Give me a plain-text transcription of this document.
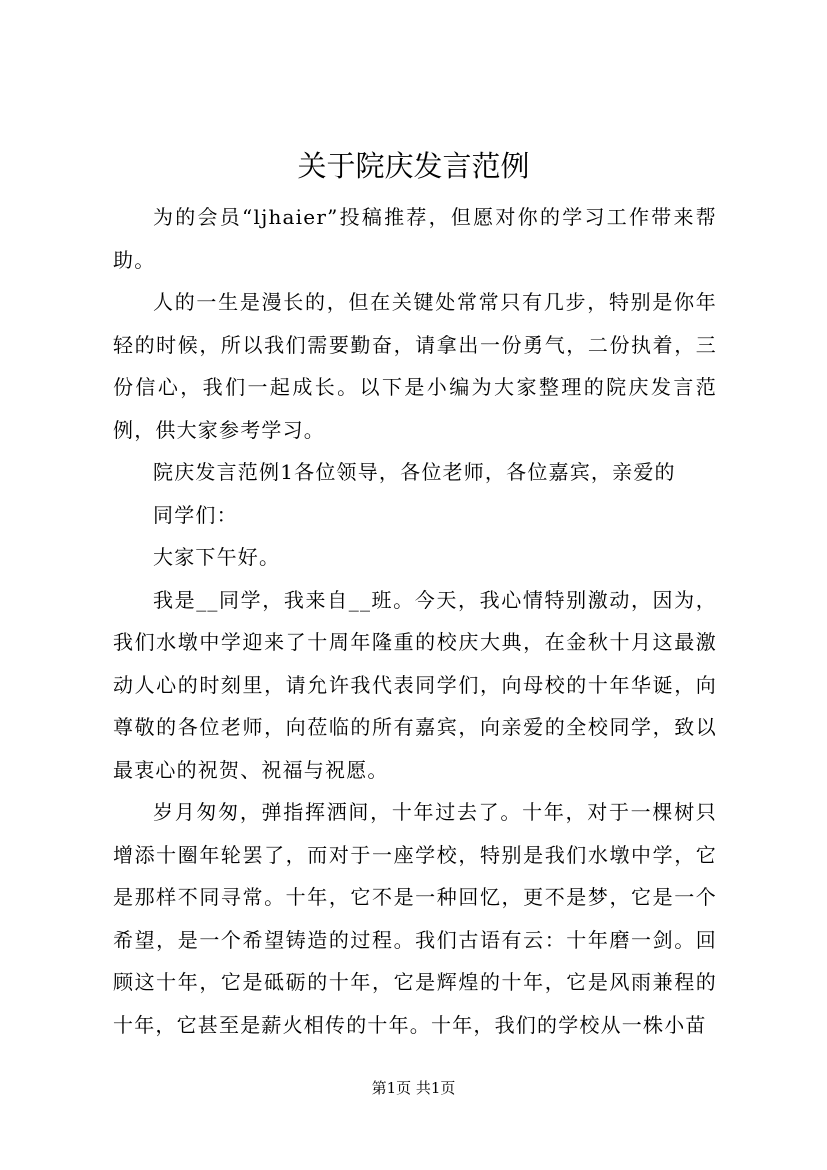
关于院庆发言范例

为的会员“ljhaier”投稿推荐，但愿对你的学习工作带来帮助。

人的一生是漫长的，但在关键处常常只有几步，特别是你年轻的时候，所以我们需要勤奋，请拿出一份勇气，二份执着，三份信心，我们一起成长。以下是小编为大家整理的院庆发言范例，供大家参考学习。

院庆发言范例1各位领导，各位老师，各位嘉宾，亲爱的

同学们：

大家下午好。

我是__同学，我来自__班。今天，我心情特别激动，因为，我们水墩中学迎来了十周年隆重的校庆大典，在金秋十月这最激动人心的时刻里，请允许我代表同学们，向母校的十年华诞，向尊敬的各位老师，向莅临的所有嘉宾，向亲爱的全校同学，致以最衷心的祝贺、祝福与祝愿。

岁月匆匆，弹指挥洒间，十年过去了。十年，对于一棵树只增添十圈年轮罢了，而对于一座学校，特别是我们水墩中学，它是那样不同寻常。十年，它不是一种回忆，更不是梦，它是一个希望，是一个希望铸造的过程。我们古语有云：十年磨一剑。回顾这十年，它是砥砺的十年，它是辉煌的十年，它是风雨兼程的十年，它甚至是薪火相传的十年。十年，我们的学校从一株小苗

第1页 共1页
